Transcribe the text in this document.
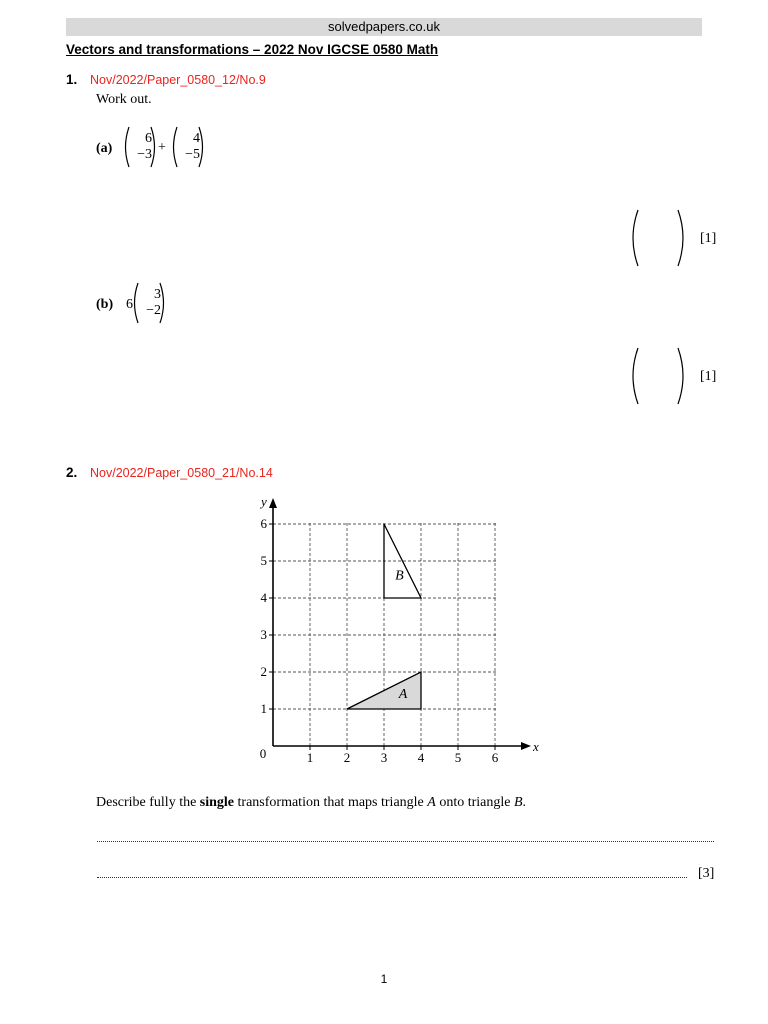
solvedpapers.co.uk
Vectors and transformations – 2022 Nov IGCSE 0580 Math
1. Nov/2022/Paper_0580_12/No.9
Work out.
(a)
6
−3 +
4
−5
[1]
(b) 6
3
−2
[1]
2. Nov/2022/Paper_0580_21/No.14
1 2 3 4 5 6
1
2
3
4
5
6
0	x
y
A
B
Describe fully the single transformation that maps triangle A onto triangle B.
[3]
1
